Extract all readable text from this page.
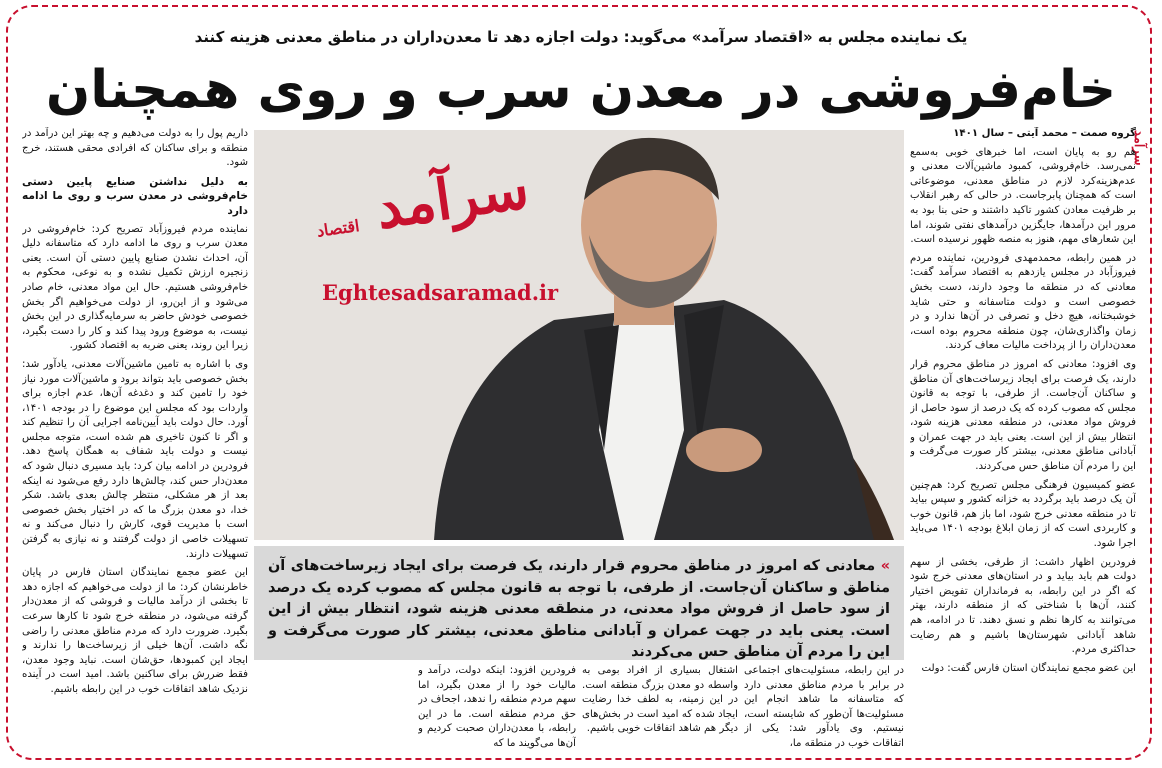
یک نماینده مجلس به «اقتصاد سرآمد» می‌گوید: دولت اجازه دهد تا معدن‌داران در مناطق معدنی هزینه کنند
خام‌فروشی در معدن سرب و روی همچنان
سرآمد

گروه صمت – محمد آیتی – سال ۱۴۰۱

هم رو به پایان است، اما خبرهای خوبی به‌سمع نمی‌رسد. خام‌فروشی، کمبود ماشین‌آلات معدنی و عدم‌هزینه‌کرد لازم در مناطق معدنی، موضوعاتی است که همچنان پابرجاست. در حالی که رهبر انقلاب بر ظرفیت معادن کشور تاکید داشتند و حتی بنا بود به مرور این درآمدها، جایگزین درآمدهای نفتی شوند، اما این شعارهای مهم، هنوز به منصه ظهور نرسیده است.

در همین رابطه، محمدمهدی فرودرین، نماینده مردم فیروزآباد در مجلس یازدهم به اقتصاد سرآمد گفت: معادنی که در منطقه ما وجود دارند، دست بخش خصوصی است و دولت متاسفانه و حتی شاید خوشبختانه، هیچ دخل و تصرفی در آن‌ها ندارد و در زمان واگذاری‌شان، چون منطقه محروم بوده است، معدن‌داران را از پرداخت مالیات معاف کردند.

وی افزود: معادنی که امروز در مناطق محروم قرار دارند، یک فرصت برای ایجاد زیرساخت‌های آن مناطق و ساکنان آن‌جاست. از طرفی، با توجه به قانون مجلس که مصوب کرده که یک درصد از سود حاصل از فروش مواد معدنی، در منطقه معدنی هزینه شود، انتظار بیش از این است. یعنی باید در جهت عمران و آبادانی مناطق معدنی، بیشتر کار صورت می‌گرفت و این را مردم آن مناطق حس می‌کردند.

عضو کمیسیون فرهنگی مجلس تصریح کرد: هم‌چنین آن یک درصد باید برگردد به خزانه کشور و سپس بیاید تا در منطقه معدنی خرج شود، اما باز هم، قانون خوب و کاربردی است که از زمان ابلاغ بودجه ۱۴۰۱ می‌باید اجرا شود.

فرودرین اظهار داشت: از طرفی، بخشی از سهم دولت هم باید بیاید و در استان‌های معدنی خرج شود که اگر در این رابطه، به فرمانداران تفویض اختیار کنند، آن‌ها با شناختی که از منطقه دارند، بهتر می‌توانند به کارها نظم و نسق دهند. تا در ادامه، هم شاهد آبادانی شهرستان‌ها باشیم و هم رضایت حداکثری مردم.

این عضو مجمع نمایندگان استان فارس گفت: دولت

سرآمد اقتصاد
Eghtesadsaramad.ir
» معادنی که امروز در مناطق محروم قرار دارند، یک فرصت برای ایجاد زیرساخت‌های آن مناطق و ساکنان آن‌جاست. از طرفی، با توجه به قانون مجلس که مصوب کرده یک درصد از سود حاصل از فروش مواد معدنی، در منطقه معدنی هزینه شود، انتظار بیش از این است. یعنی باید در جهت عمران و آبادانی مناطق معدنی، بیشتر کار صورت می‌گرفت و این را مردم آن مناطق حس می‌کردند

داریم پول را به دولت می‌دهیم و چه بهتر این درآمد در منطقه و برای ساکنان که افرادی محقی هستند، خرج شود.

به دلیل نداشتن صنایع پایین دستی خام‌فروشی در معدن سرب و روی ما ادامه دارد

نماینده مردم فیروزآباد تصریح کرد: خام‌فروشی در معدن سرب و روی ما ادامه دارد که متاسفانه دلیل آن، احداث نشدن صنایع پایین دستی آن است. یعنی زنجیره ارزش تکمیل نشده و به نوعی، محکوم به خام‌فروشی هستیم. حال این مواد معدنی، خام صادر می‌شود و از این‌رو، از دولت می‌خواهیم اگر بخش خصوصی خودش حاضر به سرمایه‌گذاری در این بخش نیست، به موضوع ورود پیدا کند و کار را دست بگیرد، زیرا این روند، یعنی ضربه به اقتصاد کشور.

وی با اشاره به تامین ماشین‌آلات معدنی، یادآور شد: بخش خصوصی باید بتواند برود و ماشین‌آلات مورد نیاز خود را تامین کند و دغدغه آن‌ها، عدم اجازه برای واردات بود که مجلس این موضوع را در بودجه ۱۴۰۱، آورد. حال دولت باید آیین‌نامه اجرایی آن را تنظیم کند و اگر تا کنون تاخیری هم شده است، متوجه مجلس نیست و دولت باید شفاف به همگان پاسخ دهد. فرودرین در ادامه بیان کرد: باید مسیری دنبال شود که معدن‌دار حس کند، چالش‌ها دارد رفع می‌شود نه اینکه بعد از هر مشکلی، منتظر چالش بعدی باشد. شکر خدا، دو معدن بزرگ ما که در اختیار بخش خصوصی است با مدیریت قوی، کارش را دنبال می‌کند و نه تسهیلات خاصی از دولت گرفتند و نه نیازی به گرفتن تسهیلات دارند.

این عضو مجمع نمایندگان استان فارس در پایان خاطرنشان کرد: ما از دولت می‌خواهیم که اجازه دهد تا بخشی از درآمد مالیات و فروشی که از معدن‌دار گرفته می‌شود، در منطقه خرج شود تا کارها سرعت بگیرد. ضرورت دارد که مردم مناطق معدنی را راضی نگه داشت. آن‌ها خیلی از زیرساخت‌ها را ندارند و ایجاد این کمبودها، حق‌شان است. نباید وجود معدن، فقط ضررش برای ساکنین باشد. امید است در آینده نزدیک شاهد اتفاقات خوب در این رابطه باشیم.

در این رابطه، مسئولیت‌های اجتماعی در برابر با مردم مناطق معدنی دارد که متاسفانه ما شاهد انجام این مسئولیت‌ها آن‌طور که شایسته است، نیستیم. وی یادآور شد: یکی از اتفاقات خوب در منطقه ما،
اشتغال بسیاری از افراد بومی به واسطه دو معدن بزرگ منطقه است. در این زمینه، به لطف خدا رضایت ایجاد شده که امید است در بخش‌های دیگر هم شاهد اتفاقات خوبی باشیم.
فرودرین افزود: اینکه دولت، درآمد و مالیات خود را از معدن بگیرد، اما سهم مردم منطقه را ندهد، اجحاف در حق مردم منطقه است. ما در این رابطه، با معدن‌داران صحبت کردیم و آن‌ها می‌گویند ما که
